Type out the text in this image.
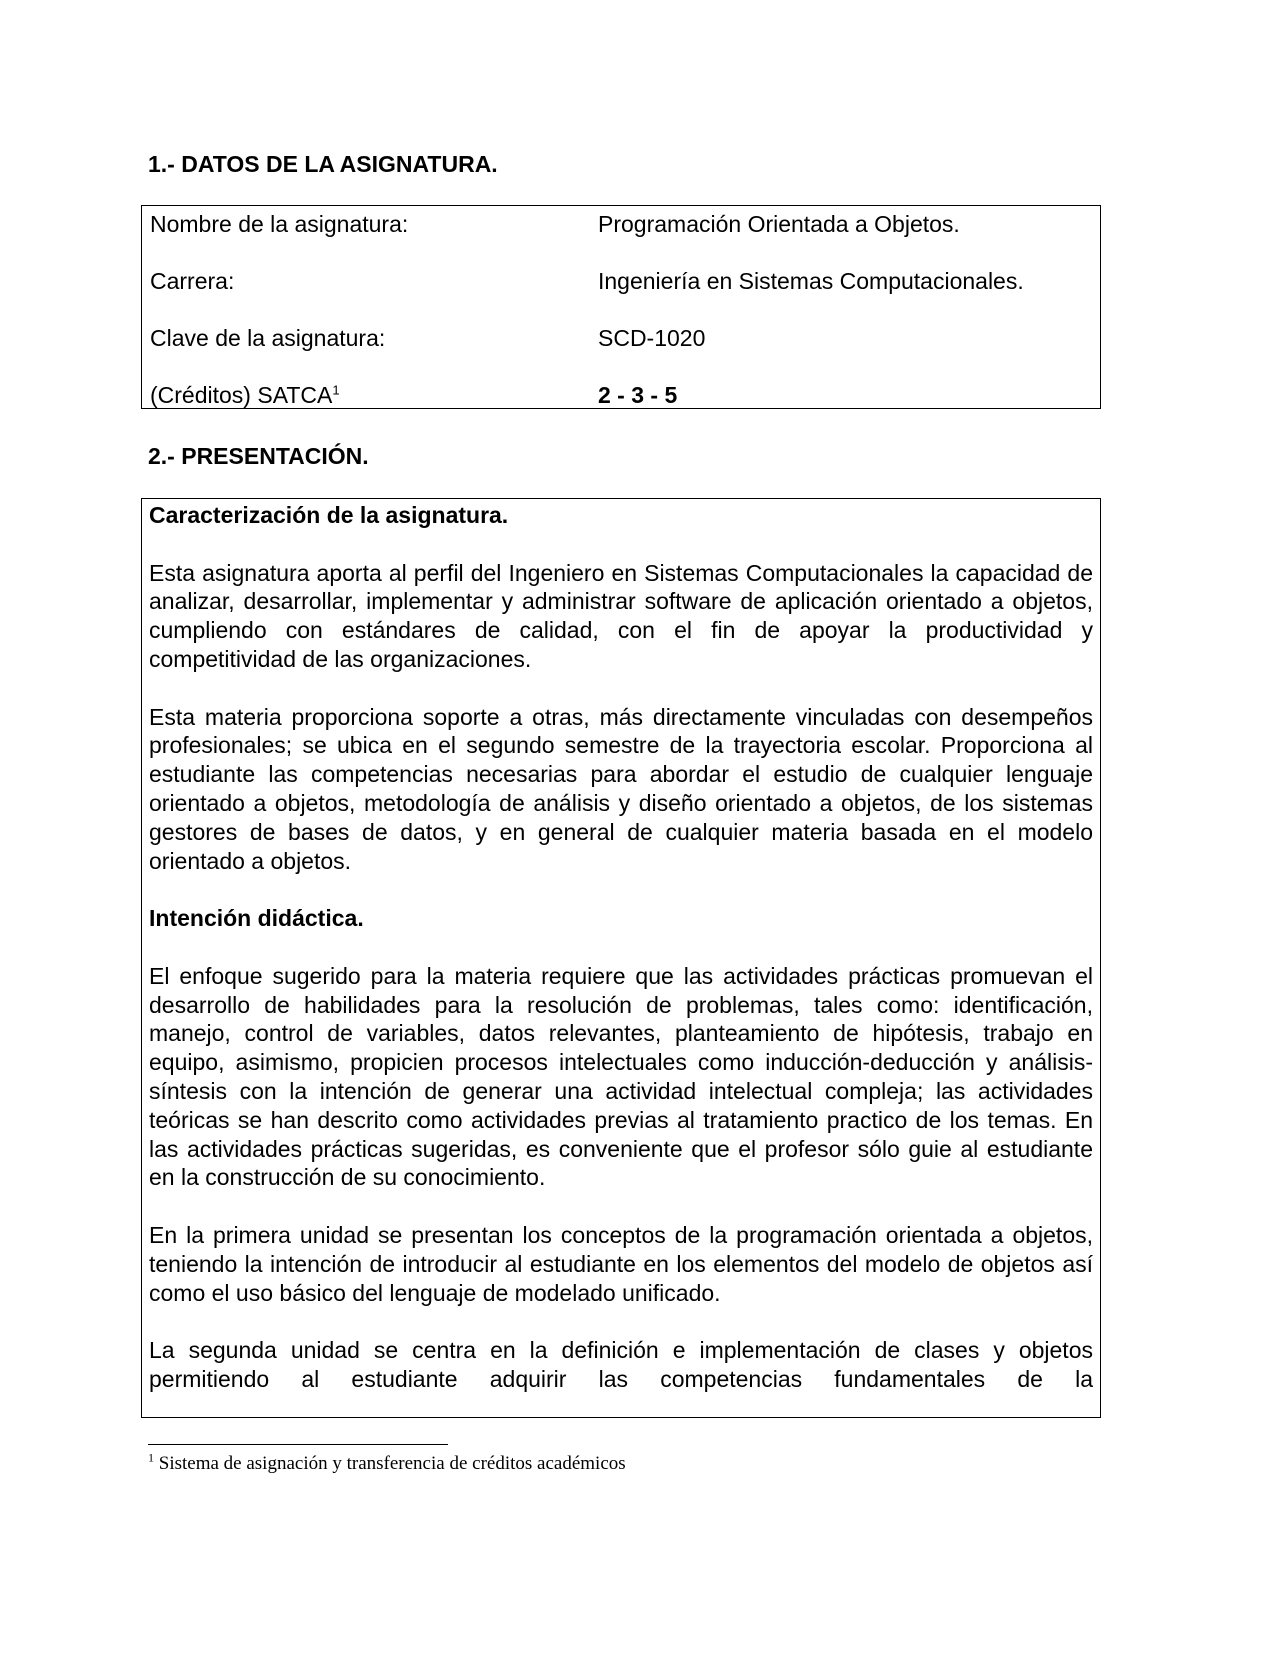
1.- DATOS DE LA ASIGNATURA.
Nombre de la asignatura:	Programación Orientada a Objetos.
Carrera:	Ingeniería en Sistemas Computacionales.
Clave de la asignatura:	SCD-1020
(Créditos) SATCA$^1$	2 - 3 - 5
2.- PRESENTACIÓN.

Caracterización de la asignatura.

Esta asignatura aporta al perfil del Ingeniero en Sistemas Computacionales la capacidad de analizar, desarrollar, implementar y administrar software de aplicación orientado a objetos, cumpliendo con estándares de calidad, con el fin de apoyar la productividad y competitividad de las organizaciones.

Esta materia proporciona soporte a otras, más directamente vinculadas con desempeños profesionales; se ubica en el segundo semestre de la trayectoria escolar. Proporciona al estudiante las competencias necesarias para abordar el estudio de cualquier lenguaje orientado a objetos, metodología de análisis y diseño orientado a objetos, de los sistemas gestores de bases de datos, y en general de cualquier materia basada en el modelo orientado a objetos.

Intención didáctica.

El enfoque sugerido para la materia requiere que las actividades prácticas promuevan el desarrollo de habilidades para la resolución de problemas, tales como: identificación, manejo, control de variables, datos relevantes, planteamiento de hipótesis, trabajo en equipo, asimismo, propicien procesos intelectuales como inducción-deducción y análisis-síntesis con la intención de generar una actividad intelectual compleja; las actividades teóricas se han descrito como actividades previas al tratamiento practico de los temas. En las actividades prácticas sugeridas, es conveniente que el profesor sólo guie al estudiante en la construcción de su conocimiento.

En la primera unidad se presentan los conceptos de la programación orientada a objetos, teniendo la intención de introducir al estudiante en los elementos del modelo de objetos así como el uso básico del lenguaje de modelado unificado.

La segunda unidad se centra en la definición e implementación de clases y objetos permitiendo al estudiante adquirir las competencias fundamentales de la

$^1$ Sistema de asignación y transferencia de créditos académicos
